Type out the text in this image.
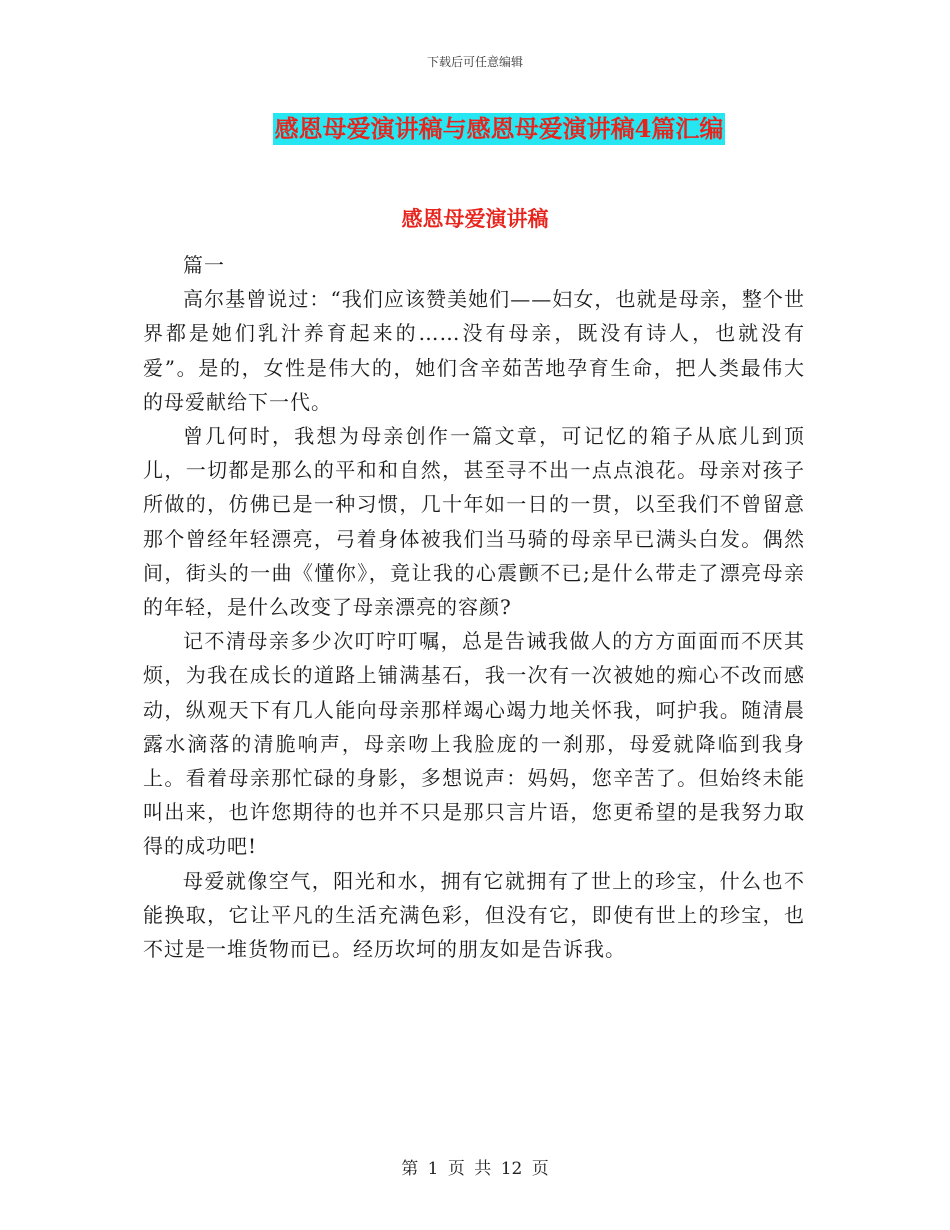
下载后可任意编辑
感恩母爱演讲稿与感恩母爱演讲稿4篇汇编
感恩母爱演讲稿

篇一

高尔基曾说过：“我们应该赞美她们——妇女，也就是母亲，整个世界都是她们乳汁养育起来的……没有母亲，既没有诗人，也就没有爱”。是的，女性是伟大的，她们含辛茹苦地孕育生命，把人类最伟大的母爱献给下一代。

曾几何时，我想为母亲创作一篇文章，可记忆的箱子从底儿到顶儿，一切都是那么的平和和自然，甚至寻不出一点点浪花。母亲对孩子所做的，仿佛已是一种习惯，几十年如一日的一贯，以至我们不曾留意那个曾经年轻漂亮，弓着身体被我们当马骑的母亲早已满头白发。偶然间，街头的一曲《懂你》，竟让我的心震颤不已;是什么带走了漂亮母亲的年轻，是什么改变了母亲漂亮的容颜?

记不清母亲多少次叮咛叮嘱，总是告诫我做人的方方面面而不厌其烦，为我在成长的道路上铺满基石，我一次有一次被她的痴心不改而感动，纵观天下有几人能向母亲那样竭心竭力地关怀我，呵护我。随清晨露水滴落的清脆响声，母亲吻上我脸庞的一刹那，母爱就降临到我身上。看着母亲那忙碌的身影，多想说声：妈妈，您辛苦了。但始终未能叫出来，也许您期待的也并不只是那只言片语，您更希望的是我努力取得的成功吧!

母爱就像空气，阳光和水，拥有它就拥有了世上的珍宝，什么也不能换取，它让平凡的生活充满色彩，但没有它，即使有世上的珍宝，也不过是一堆货物而已。经历坎坷的朋友如是告诉我。

第 1 页 共 12 页
